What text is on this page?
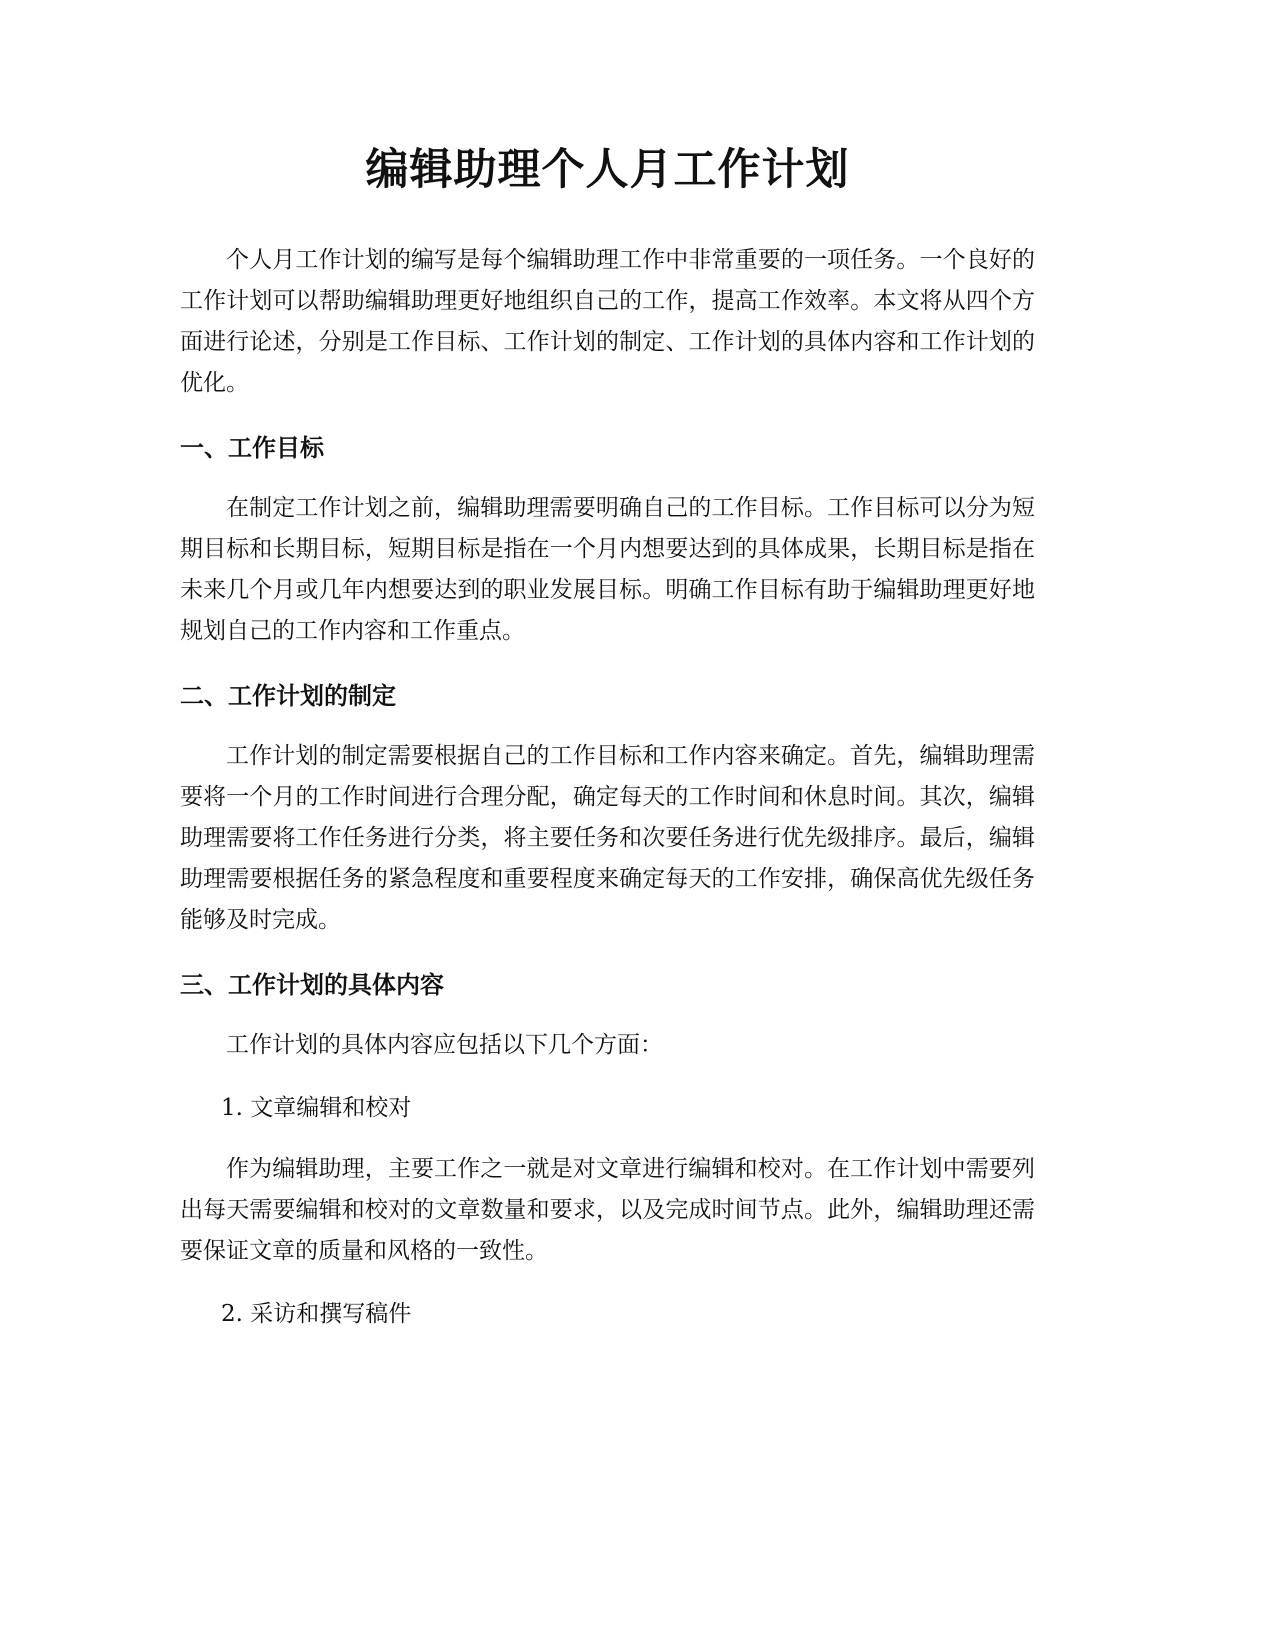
编辑助理个人月工作计划

个人月工作计划的编写是每个编辑助理工作中非常重要的一项任务。一个良好的工作计划可以帮助编辑助理更好地组织自己的工作，提高工作效率。本文将从四个方面进行论述，分别是工作目标、工作计划的制定、工作计划的具体内容和工作计划的优化。

一、工作目标

在制定工作计划之前，编辑助理需要明确自己的工作目标。工作目标可以分为短期目标和长期目标，短期目标是指在一个月内想要达到的具体成果，长期目标是指在未来几个月或几年内想要达到的职业发展目标。明确工作目标有助于编辑助理更好地规划自己的工作内容和工作重点。

二、工作计划的制定

工作计划的制定需要根据自己的工作目标和工作内容来确定。首先，编辑助理需要将一个月的工作时间进行合理分配，确定每天的工作时间和休息时间。其次，编辑助理需要将工作任务进行分类，将主要任务和次要任务进行优先级排序。最后，编辑助理需要根据任务的紧急程度和重要程度来确定每天的工作安排，确保高优先级任务能够及时完成。

三、工作计划的具体内容

工作计划的具体内容应包括以下几个方面：

1. 文章编辑和校对

作为编辑助理，主要工作之一就是对文章进行编辑和校对。在工作计划中需要列出每天需要编辑和校对的文章数量和要求，以及完成时间节点。此外，编辑助理还需要保证文章的质量和风格的一致性。

2. 采访和撰写稿件
